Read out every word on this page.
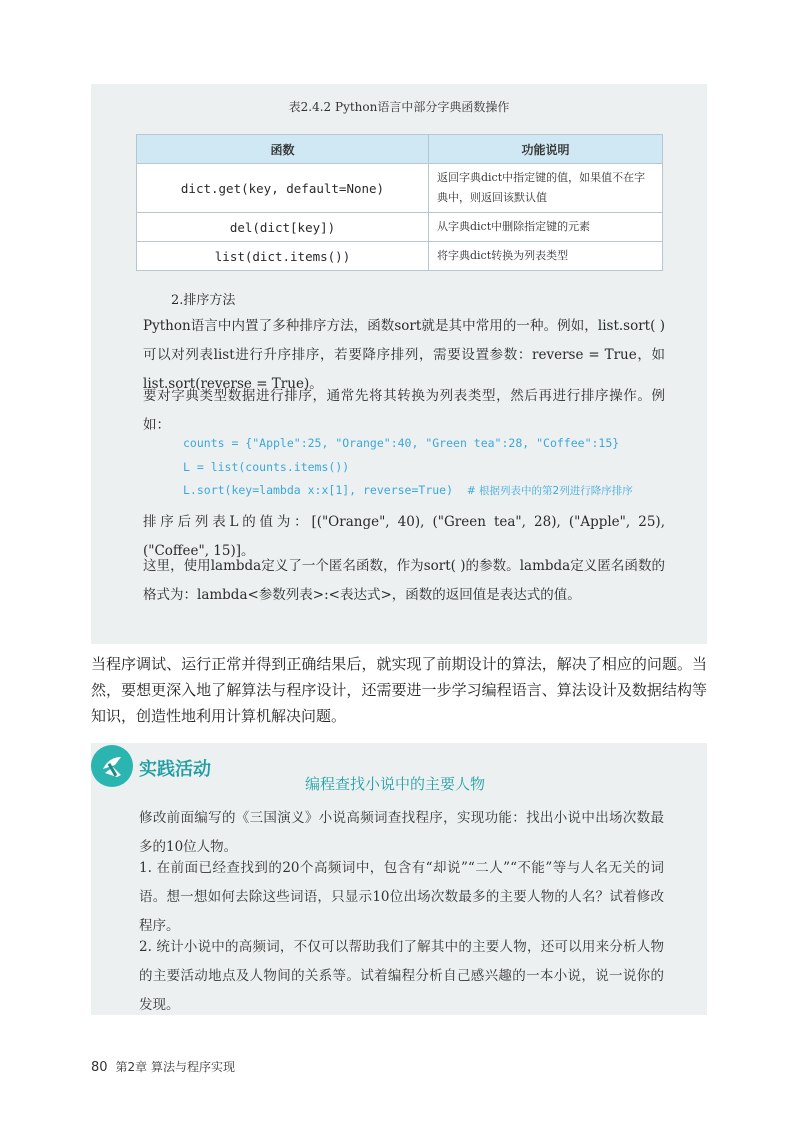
表2.4.2 Python语言中部分字典函数操作
函数	功能说明
dict.get(key, default=None)	返回字典dict中指定键的值，如果值不在字典中，则返回该默认值
del(dict[key])	从字典dict中删除指定键的元素
list(dict.items())	将字典dict转换为列表类型
2.排序方法
Python语言中内置了多种排序方法，函数sort就是其中常用的一种。例如，list.sort( )可以对列表list进行升序排序，若要降序排列，需要设置参数：reverse = True，如list.sort(reverse = True)。
要对字典类型数据进行排序，通常先将其转换为列表类型，然后再进行排序操作。例如：
counts = {"Apple":25, "Orange":40, "Green tea":28, "Coffee":15}
L = list(counts.items())
L.sort(key=lambda x:x[1], reverse=True)  # 根据列表中的第2列进行降序排序
排序后列表L的值为：[("Orange", 40), ("Green tea", 28), ("Apple", 25), ("Coffee", 15)]。
这里，使用lambda定义了一个匿名函数，作为sort( )的参数。lambda定义匿名函数的格式为：lambda<参数列表>:<表达式>，函数的返回值是表达式的值。
当程序调试、运行正常并得到正确结果后，就实现了前期设计的算法，解决了相应的问题。当然，要想更深入地了解算法与程序设计，还需要进一步学习编程语言、算法设计及数据结构等知识，创造性地利用计算机解决问题。
实践活动
编程查找小说中的主要人物
修改前面编写的《三国演义》小说高频词查找程序，实现功能：找出小说中出场次数最多的10位人物。
1. 在前面已经查找到的20个高频词中，包含有“却说”“二人”“不能”等与人名无关的词语。想一想如何去除这些词语，只显示10位出场次数最多的主要人物的人名？试着修改程序。
2. 统计小说中的高频词，不仅可以帮助我们了解其中的主要人物，还可以用来分析人物的主要活动地点及人物间的关系等。试着编程分析自己感兴趣的一本小说，说一说你的发现。
80 第2章 算法与程序实现
